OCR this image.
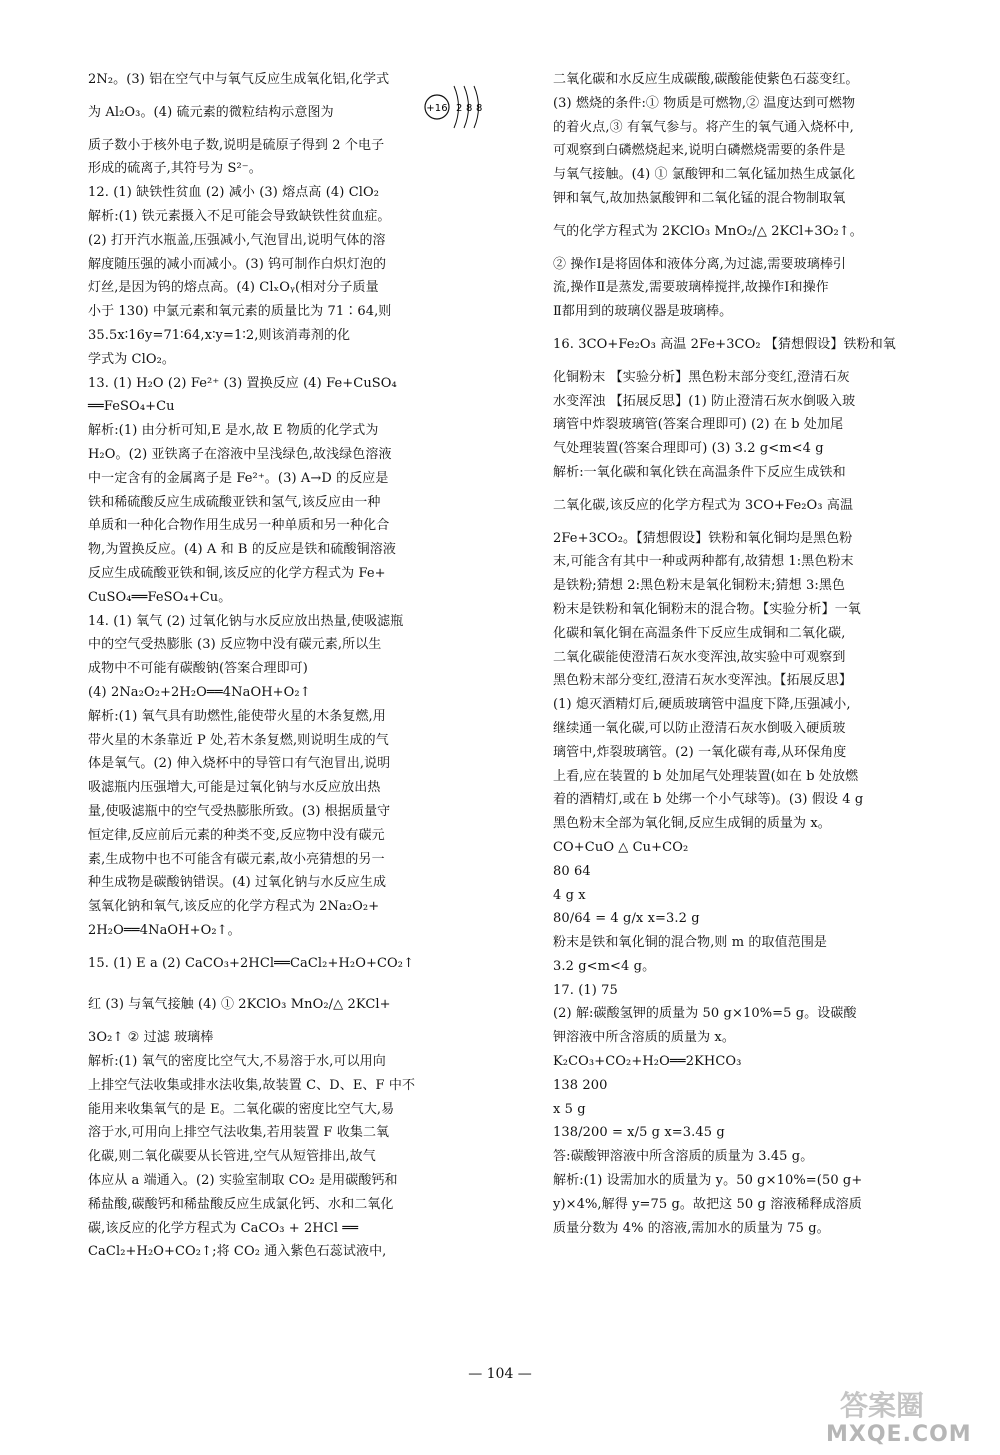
2N₂。(3) 铝在空气中与氧气反应生成氧化铝,化学式
为 Al₂O₃。(4) 硫元素的微粒结构示意图为	+16 2 8 8
质子数小于核外电子数,说明是硫原子得到 2 个电子
形成的硫离子,其符号为 S²⁻。
12. (1) 缺铁性贫血 (2) 减小 (3) 熔点高 (4) ClO₂
解析:(1) 铁元素摄入不足可能会导致缺铁性贫血症。
(2) 打开汽水瓶盖,压强减小,气泡冒出,说明气体的溶
解度随压强的减小而减小。(3) 钨可制作白炽灯泡的
灯丝,是因为钨的熔点高。(4) ClₓOᵧ(相对分子质量
小于 130) 中氯元素和氧元素的质量比为 71∶64,则
35.5x∶16y=71∶64,x∶y=1∶2,则该消毒剂的化
学式为 ClO₂。
13. (1) H₂O (2) Fe²⁺ (3) 置换反应 (4) Fe+CuSO₄
══FeSO₄+Cu
解析:(1) 由分析可知,E 是水,故 E 物质的化学式为
H₂O。(2) 亚铁离子在溶液中呈浅绿色,故浅绿色溶液
中一定含有的金属离子是 Fe²⁺。(3) A→D 的反应是
铁和稀硫酸反应生成硫酸亚铁和氢气,该反应由一种
单质和一种化合物作用生成另一种单质和另一种化合
物,为置换反应。(4) A 和 B 的反应是铁和硫酸铜溶液
反应生成硫酸亚铁和铜,该反应的化学方程式为 Fe+
CuSO₄══FeSO₄+Cu。
14. (1) 氧气 (2) 过氧化钠与水反应放出热量,使吸滤瓶
中的空气受热膨胀 (3) 反应物中没有碳元素,所以生
成物中不可能有碳酸钠(答案合理即可)
(4) 2Na₂O₂+2H₂O══4NaOH+O₂↑
解析:(1) 氧气具有助燃性,能使带火星的木条复燃,用
带火星的木条靠近 P 处,若木条复燃,则说明生成的气
体是氧气。(2) 伸入烧杯中的导管口有气泡冒出,说明
吸滤瓶内压强增大,可能是过氧化钠与水反应放出热
量,使吸滤瓶中的空气受热膨胀所致。(3) 根据质量守
恒定律,反应前后元素的种类不变,反应物中没有碳元
素,生成物中也不可能含有碳元素,故小亮猜想的另一
种生成物是碳酸钠错误。(4) 过氧化钠与水反应生成
氢氧化钠和氧气,该反应的化学方程式为 2Na₂O₂+
2H₂O══4NaOH+O₂↑。
15. (1) E a (2) CaCO₃+2HCl══CaCl₂+H₂O+CO₂↑
红 (3) 与氧气接触 (4) ① 2KClO₃ MnO₂/△ 2KCl+
3O₂↑ ② 过滤 玻璃棒
解析:(1) 氧气的密度比空气大,不易溶于水,可以用向
上排空气法收集或排水法收集,故装置 C、D、E、F 中不
能用来收集氧气的是 E。二氧化碳的密度比空气大,易
溶于水,可用向上排空气法收集,若用装置 F 收集二氧
化碳,则二氧化碳要从长管进,空气从短管排出,故气
体应从 a 端通入。(2) 实验室制取 CO₂ 是用碳酸钙和
稀盐酸,碳酸钙和稀盐酸反应生成氯化钙、水和二氧化
碳,该反应的化学方程式为 CaCO₃ + 2HCl ══
CaCl₂+H₂O+CO₂↑;将 CO₂ 通入紫色石蕊试液中,
二氧化碳和水反应生成碳酸,碳酸能使紫色石蕊变红。
(3) 燃烧的条件:① 物质是可燃物,② 温度达到可燃物
的着火点,③ 有氧气参与。将产生的氧气通入烧杯中,
可观察到白磷燃烧起来,说明白磷燃烧需要的条件是
与氧气接触。(4) ① 氯酸钾和二氧化锰加热生成氯化
钾和氧气,故加热氯酸钾和二氧化锰的混合物制取氧
气的化学方程式为 2KClO₃ MnO₂/△ 2KCl+3O₂↑。
② 操作Ⅰ是将固体和液体分离,为过滤,需要玻璃棒引
流,操作Ⅱ是蒸发,需要玻璃棒搅拌,故操作Ⅰ和操作
Ⅱ都用到的玻璃仪器是玻璃棒。
16. 3CO+Fe₂O₃ 高温 2Fe+3CO₂ 【猜想假设】铁粉和氧
化铜粉末 【实验分析】黑色粉末部分变红,澄清石灰
水变浑浊 【拓展反思】(1) 防止澄清石灰水倒吸入玻
璃管中炸裂玻璃管(答案合理即可) (2) 在 b 处加尾
气处理装置(答案合理即可) (3) 3.2 g<m<4 g
解析:一氧化碳和氧化铁在高温条件下反应生成铁和
二氧化碳,该反应的化学方程式为 3CO+Fe₂O₃ 高温
2Fe+3CO₂。【猜想假设】铁粉和氧化铜均是黑色粉
末,可能含有其中一种或两种都有,故猜想 1:黑色粉末
是铁粉;猜想 2:黑色粉末是氧化铜粉末;猜想 3:黑色
粉末是铁粉和氧化铜粉末的混合物。【实验分析】一氧
化碳和氧化铜在高温条件下反应生成铜和二氧化碳,
二氧化碳能使澄清石灰水变浑浊,故实验中可观察到
黑色粉末部分变红,澄清石灰水变浑浊。【拓展反思】
(1) 熄灭酒精灯后,硬质玻璃管中温度下降,压强减小,
继续通一氧化碳,可以防止澄清石灰水倒吸入硬质玻
璃管中,炸裂玻璃管。(2) 一氧化碳有毒,从环保角度
上看,应在装置的 b 处加尾气处理装置(如在 b 处放燃
着的酒精灯,或在 b 处绑一个小气球等)。(3) 假设 4 g
黑色粉末全部为氧化铜,反应生成铜的质量为 x。
CO+CuO △ Cu+CO₂
80 64
4 g x
80/64 = 4 g/x x=3.2 g
粉末是铁和氧化铜的混合物,则 m 的取值范围是
3.2 g<m<4 g。
17. (1) 75
(2) 解:碳酸氢钾的质量为 50 g×10%=5 g。设碳酸
钾溶液中所含溶质的质量为 x。
K₂CO₃+CO₂+H₂O══2KHCO₃
138 200
x 5 g
138/200 = x/5 g x=3.45 g
答:碳酸钾溶液中所含溶质的质量为 3.45 g。
解析:(1) 设需加水的质量为 y。50 g×10%=(50 g+
y)×4%,解得 y=75 g。故把这 50 g 溶液稀释成溶质
质量分数为 4% 的溶液,需加水的质量为 75 g。
— 104 —
答案圈
MXQE.COM
